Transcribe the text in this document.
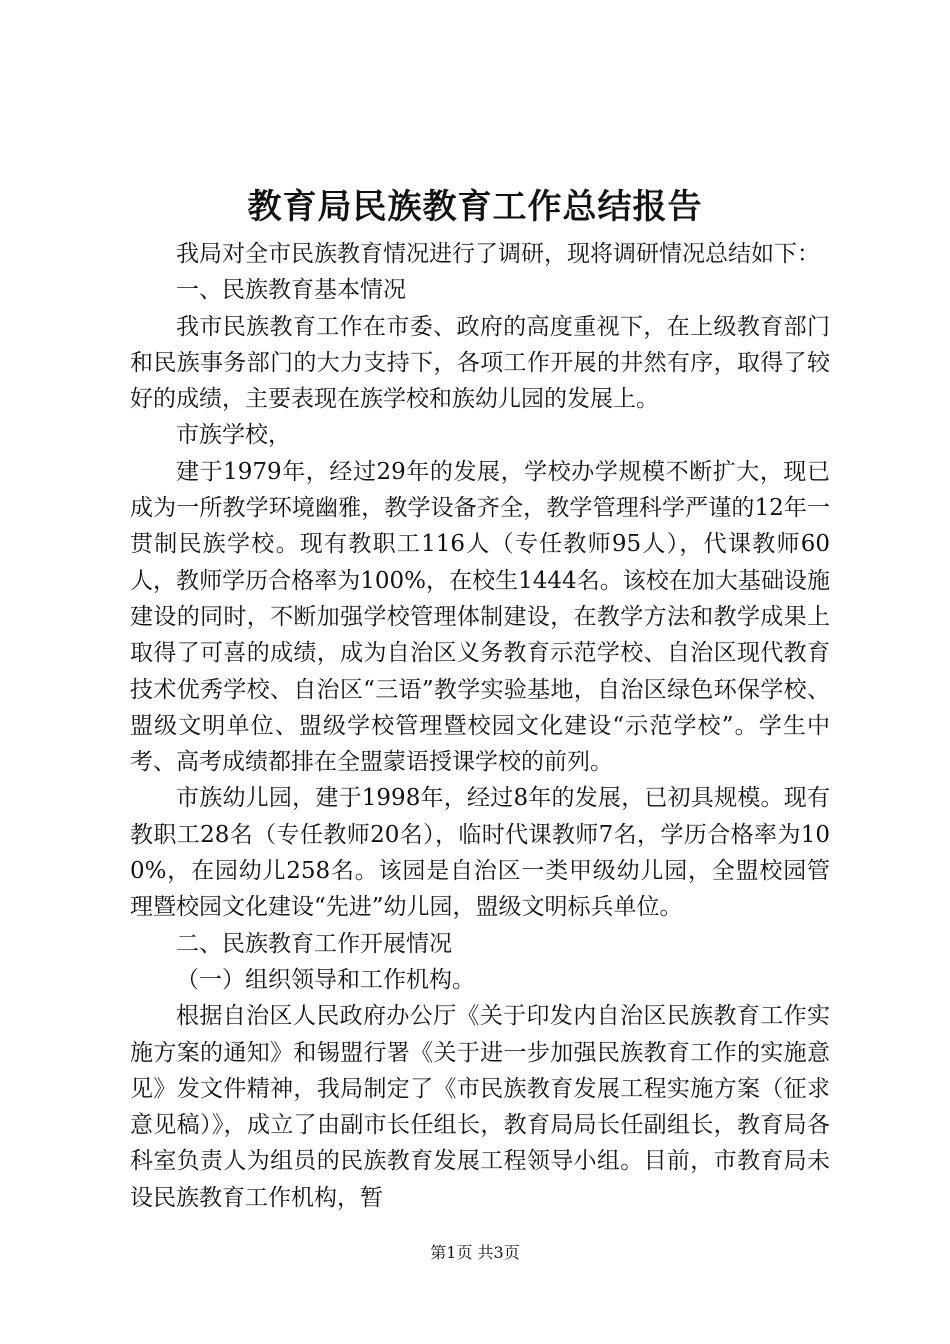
教育局民族教育工作总结报告

我局对全市民族教育情况进行了调研，现将调研情况总结如下：

一、民族教育基本情况

我市民族教育工作在市委、政府的高度重视下，在上级教育部门和民族事务部门的大力支持下，各项工作开展的井然有序，取得了较好的成绩，主要表现在族学校和族幼儿园的发展上。

市族学校，

建于1979年，经过29年的发展，学校办学规模不断扩大，现已成为一所教学环境幽雅，教学设备齐全，教学管理科学严谨的12年一贯制民族学校。现有教职工116人（专任教师95人），代课教师60人，教师学历合格率为100%，在校生1444名。该校在加大基础设施建设的同时，不断加强学校管理体制建设，在教学方法和教学成果上取得了可喜的成绩，成为自治区义务教育示范学校、自治区现代教育技术优秀学校、自治区“三语”教学实验基地，自治区绿色环保学校、盟级文明单位、盟级学校管理暨校园文化建设“示范学校”。学生中考、高考成绩都排在全盟蒙语授课学校的前列。

市族幼儿园，建于1998年，经过8年的发展，已初具规模。现有教职工28名（专任教师20名），临时代课教师7名，学历合格率为100%，在园幼儿258名。该园是自治区一类甲级幼儿园，全盟校园管理暨校园文化建设“先进”幼儿园，盟级文明标兵单位。

二、民族教育工作开展情况

（一）组织领导和工作机构。

根据自治区人民政府办公厅《关于印发内自治区民族教育工作实施方案的通知》和锡盟行署《关于进一步加强民族教育工作的实施意见》发文件精神，我局制定了《市民族教育发展工程实施方案（征求意见稿）》，成立了由副市长任组长，教育局局长任副组长，教育局各科室负责人为组员的民族教育发展工程领导小组。目前，市教育局未设民族教育工作机构，暂

第1页 共3页
